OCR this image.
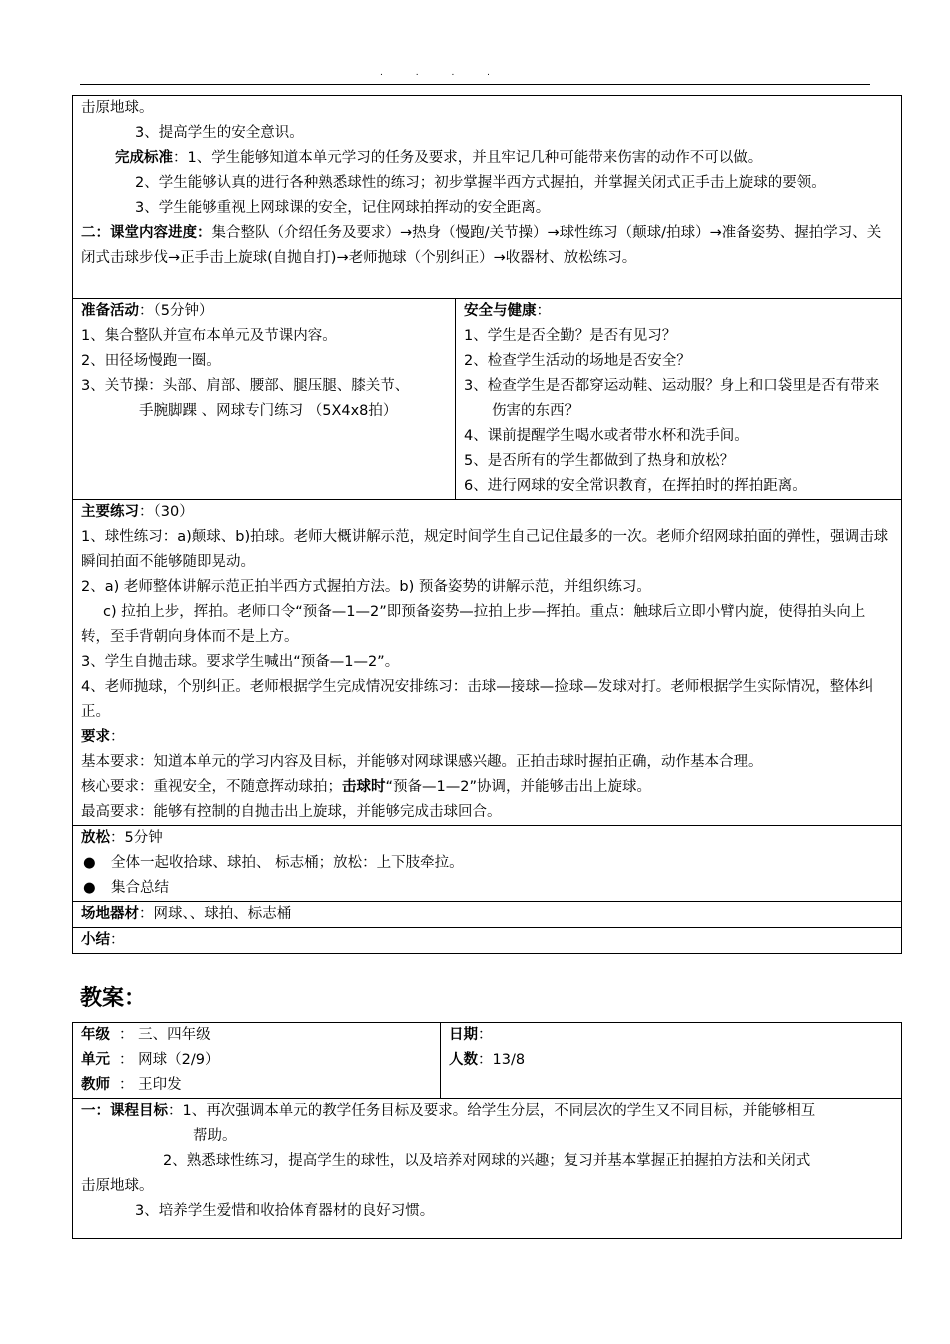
. . . .
击原地球。
3、提高学生的安全意识。
完成标准：1、学生能够知道本单元学习的任务及要求，并且牢记几种可能带来伤害的动作不可以做。
2、学生能够认真的进行各种熟悉球性的练习；初步掌握半西方式握拍，并掌握关闭式正手击上旋球的要领。
3、学生能够重视上网球课的安全，记住网球拍挥动的安全距离。
二：课堂内容进度：集合整队（介绍任务及要求）→热身（慢跑/关节操）→球性练习（颠球/拍球）→准备姿势、握拍学习、关闭式击球步伐→正手击上旋球(自抛自打)→老师抛球（个别纠正）→收器材、放松练习。

准备活动：（5分钟）
1、集合整队并宣布本单元及节课内容。
2、田径场慢跑一圈。
3、关节操：头部、肩部、腰部、腿压腿、膝关节、
手腕脚踝 、网球专门练习 （5X4x8拍）

安全与健康：
1、学生是否全勤？是否有见习？
2、检查学生活动的场地是否安全？
3、检查学生是否都穿运动鞋、运动服？身上和口袋里是否有带来伤害的东西？
4、课前提醒学生喝水或者带水杯和洗手间。
5、是否所有的学生都做到了热身和放松？
6、进行网球的安全常识教育，在挥拍时的挥拍距离。

主要练习：（30）
1、球性练习：a)颠球、b)拍球。老师大概讲解示范，规定时间学生自己记住最多的一次。老师介绍网球拍面的弹性，强调击球瞬间拍面不能够随即晃动。
2、a) 老师整体讲解示范正拍半西方式握拍方法。b) 预备姿势的讲解示范，并组织练习。
c) 拉拍上步，挥拍。老师口令“预备—1—2”即预备姿势—拉拍上步—挥拍。重点：触球后立即小臂内旋，使得拍头向上转，至手背朝向身体而不是上方。
3、学生自抛击球。要求学生喊出“预备—1—2”。
4、老师抛球，个别纠正。老师根据学生完成情况安排练习：击球—接球—捡球—发球对打。老师根据学生实际情况，整体纠正。
要求：
基本要求：知道本单元的学习内容及目标，并能够对网球课感兴趣。正拍击球时握拍正确，动作基本合理。
核心要求：重视安全，不随意挥动球拍；击球时“预备—1—2”协调，并能够击出上旋球。
最高要求：能够有控制的自抛击出上旋球，并能够完成击球回合。

放松：5分钟
●	全体一起收拾球、球拍、 标志桶；放松：上下肢牵拉。
●	集合总结

场地器材：网球、、球拍、标志桶
小结：
教案：
年级 ： 三、四年级
单元 ： 网球（2/9）
教师 ： 王印发

日期：
人数：13/8

一：课程目标：1、再次强调本单元的教学任务目标及要求。给学生分层，不同层次的学生又不同目标，并能够相互
帮助。
2、熟悉球性练习，提高学生的球性，以及培养对网球的兴趣；复习并基本掌握正拍握拍方法和关闭式
击原地球。
3、培养学生爱惜和收拾体育器材的良好习惯。
